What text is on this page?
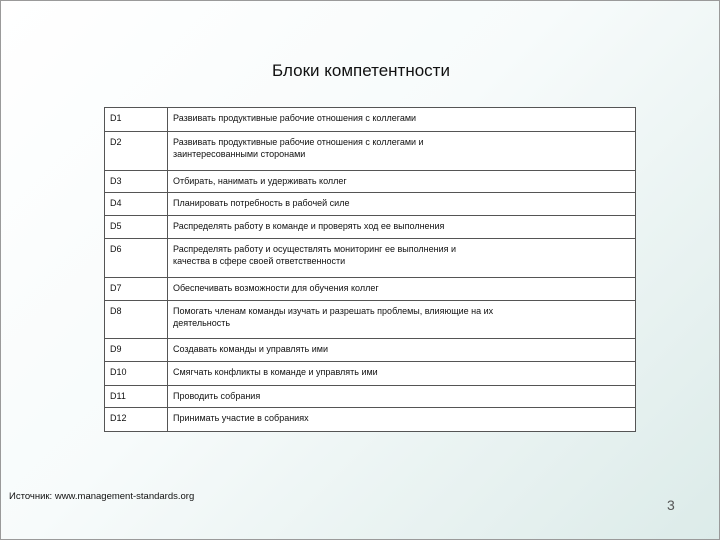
Блоки компетентности
D1	Развивать продуктивные рабочие отношения с коллегами
D2	Развивать продуктивные рабочие отношения с коллегами и заинтересованными сторонами

D3	Отбирать, нанимать и удерживать коллег
D4	Планировать потребность в рабочей силе
D5	Распределять работу в команде и проверять ход ее выполнения
D6	Распределять работу и осуществлять мониторинг ее выполнения и качества в сфере своей ответственности

D7	Обеспечивать возможности для обучения коллег
D8	Помогать членам команды изучать и разрешать проблемы, влияющие на их деятельность

D9	Создавать команды и управлять ими
D10	Смягчать конфликты в команде и управлять ими
D11	Проводить собрания
D12	Принимать участие в собраниях
Источник: www.management-standards.org
3
